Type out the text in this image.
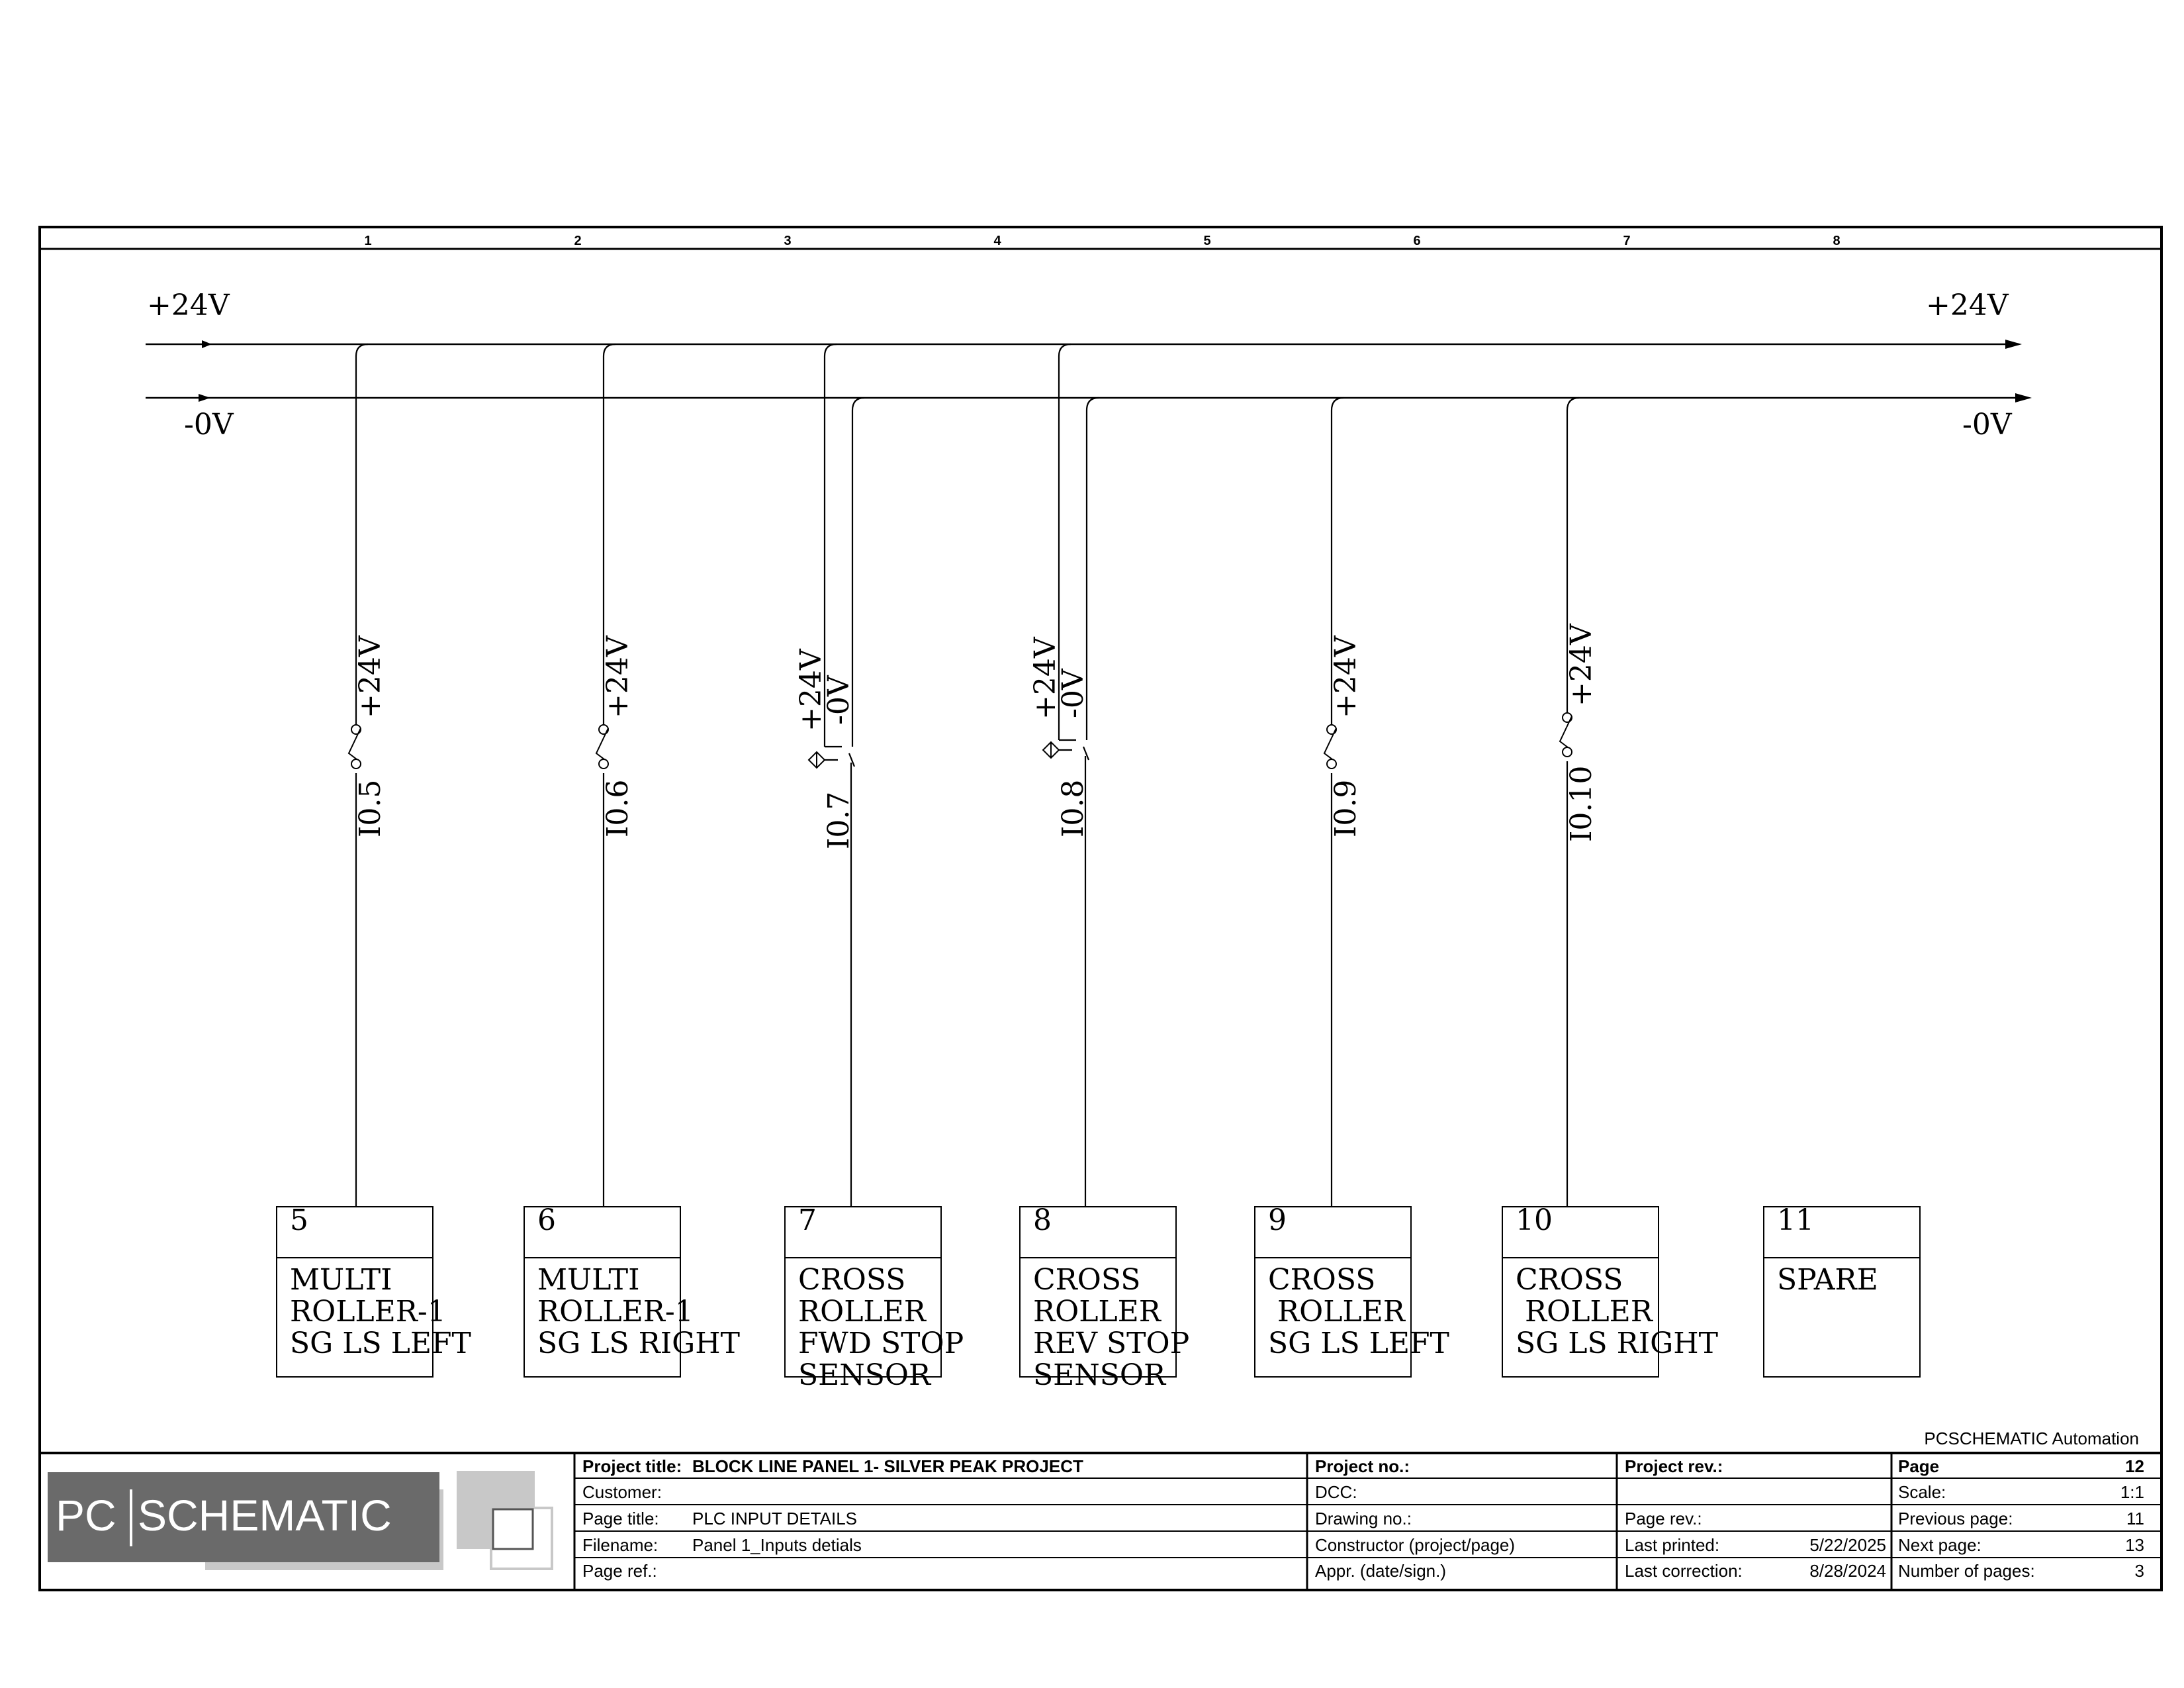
1	2	3	4	5	6	7	8
+24V	+24V
-0V	-0V
+24V
I0.5
+24V
I0.6
+24V
-0V
I0.7
+24V
-0V
I0.8
+24V
I0.9
+24V
I0.10
5
MULTI
ROLLER-1
SG LS LEFT
6
MULTI
ROLLER-1
SG LS RIGHT
7
CROSS
ROLLER
FWD STOP
SENSOR
8
CROSS
ROLLER
REV STOP
SENSOR
9
CROSS
ROLLER
SG LS LEFT
10
CROSS
ROLLER
SG LS RIGHT
11
SPARE
PCSCHEMATIC Automation
PC SCHEMATIC
Project title: BLOCK LINE PANEL 1- SILVER PEAK PROJECT
Customer:
Page title: PLC INPUT DETAILS
Filename: Panel 1_Inputs detials
Page ref.:
Project no.:
DCC:
Drawing no.:
Constructor (project/page)
Appr. (date/sign.)
Project rev.:
Page rev.:
Last printed:	5/22/2025
Last correction:	8/28/2024
Page	12
Scale:	1:1
Previous page:	11
Next page:	13
Number of pages:	3
